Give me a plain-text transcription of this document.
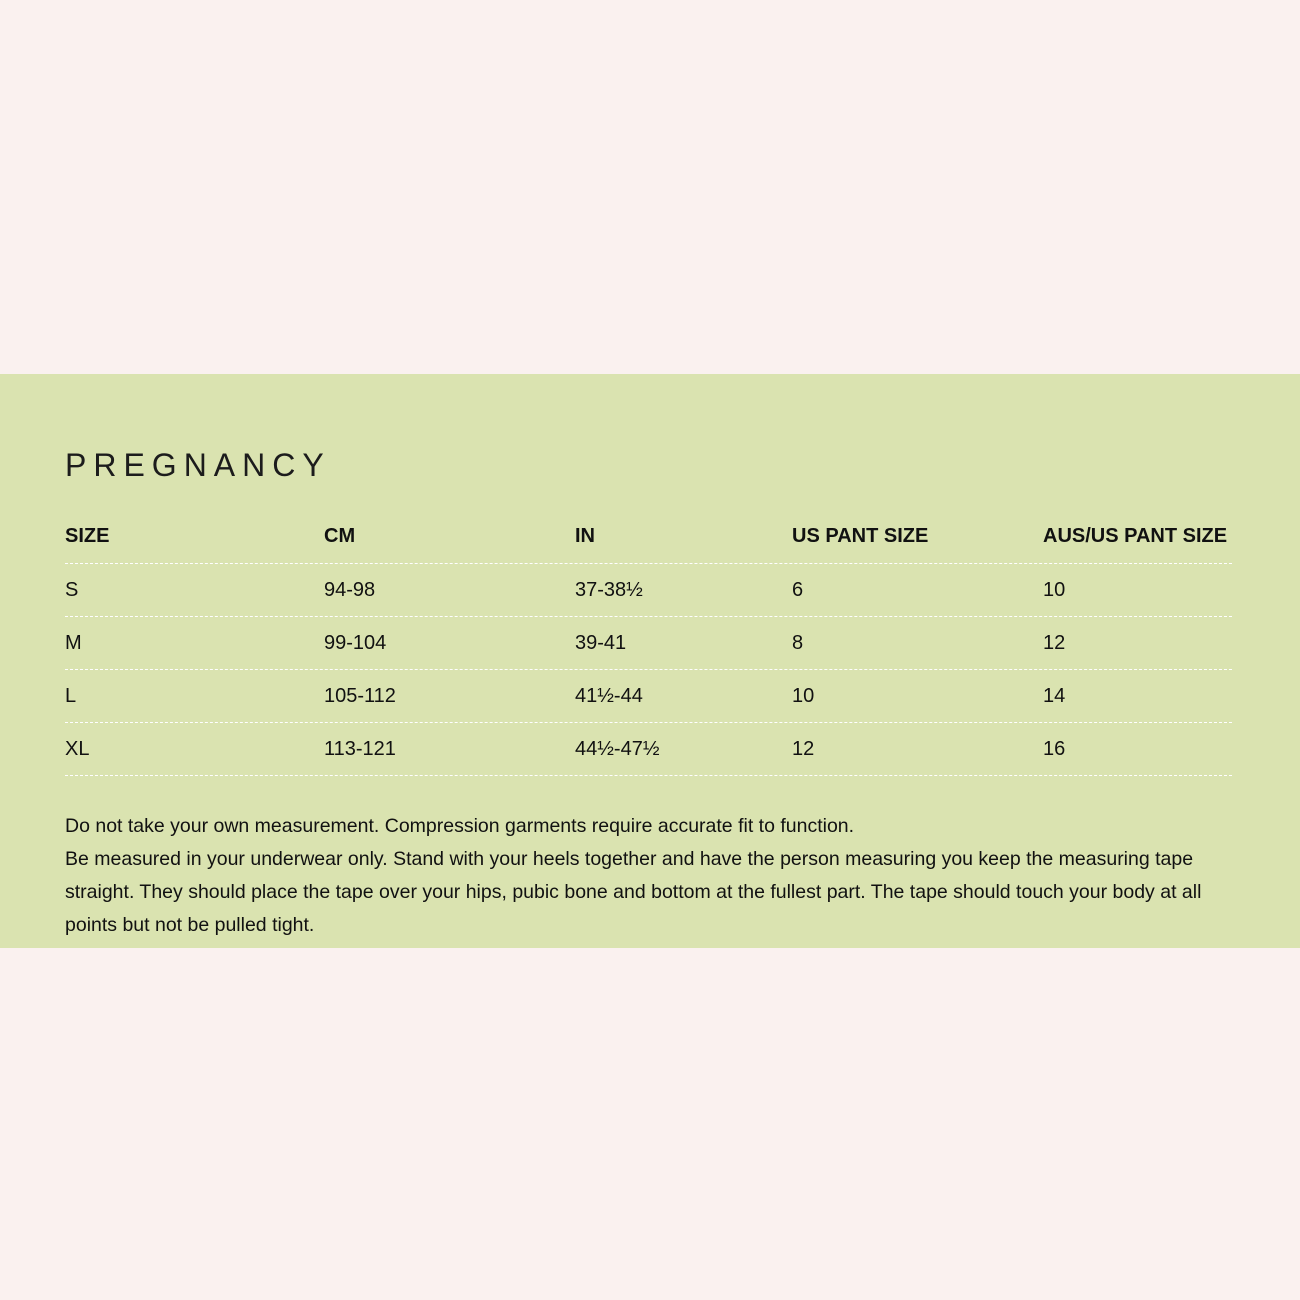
PREGNANCY
SIZE	CM	IN	US PANT SIZE	AUS/US PANT SIZE
S	94-98	37-38½	6	10
M	99-104	39-41	8	12
L	105-112	41½-44	10	14
XL	113-121	44½-47½	12	16

Do not take your own measurement. Compression garments require accurate fit to function.

Be measured in your underwear only. Stand with your heels together and have the person measuring you keep the measuring tape straight. They should place the tape over your hips, pubic bone and bottom at the fullest part. The tape should touch your body at all points but not be pulled tight.
